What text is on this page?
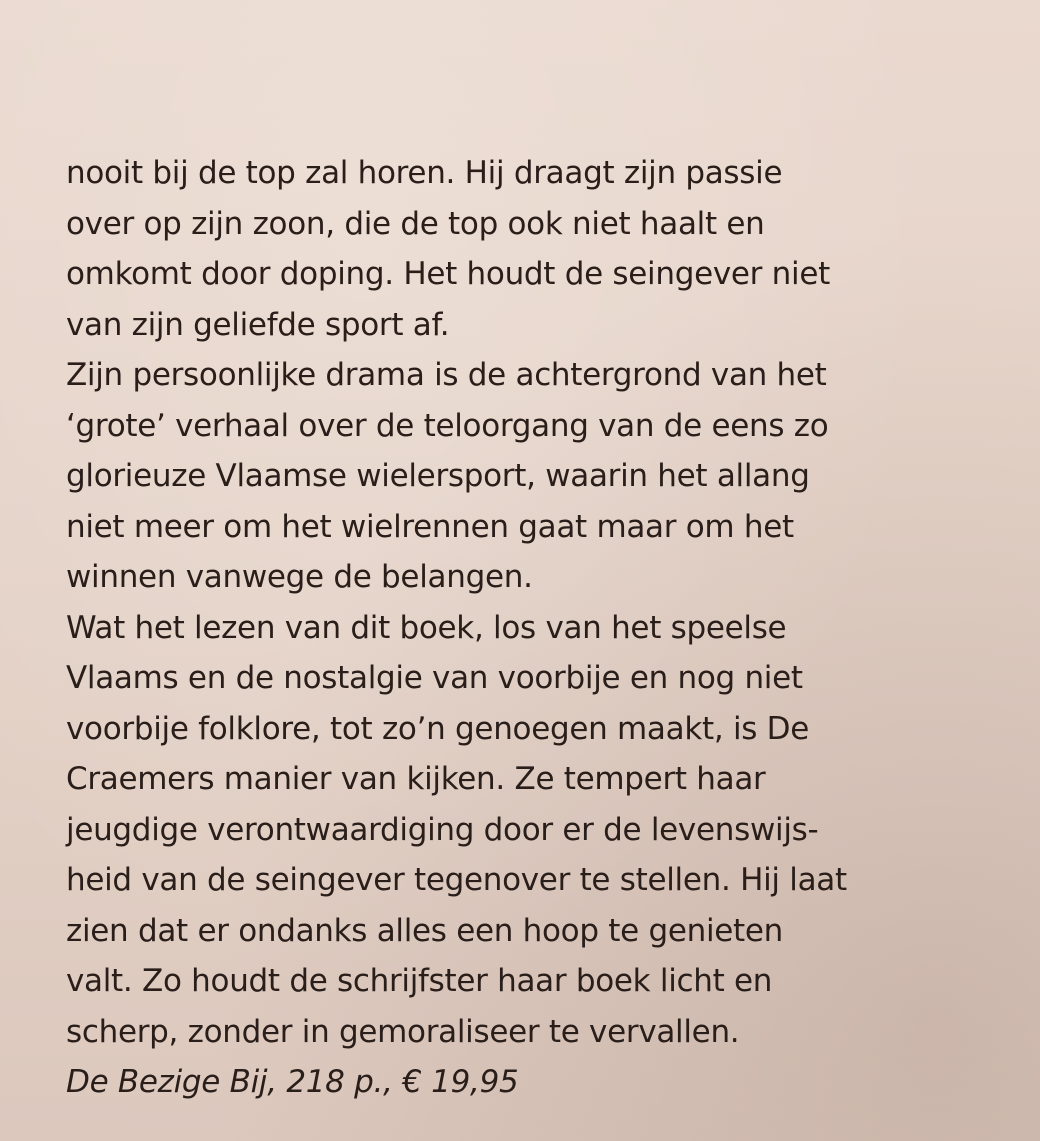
nooit bij de top zal horen. Hij draagt zijn passie
over op zijn zoon, die de top ook niet haalt en
omkomt door doping. Het houdt de seingever niet
van zijn geliefde sport af.
Zijn persoonlijke drama is de achtergrond van het
‘grote’ verhaal over de teloorgang van de eens zo
glorieuze Vlaamse wielersport, waarin het allang
niet meer om het wielrennen gaat maar om het
winnen vanwege de belangen.
Wat het lezen van dit boek, los van het speelse
Vlaams en de nostalgie van voorbije en nog niet
voorbije folklore, tot zo’n genoegen maakt, is De
Craemers manier van kijken. Ze tempert haar
jeugdige verontwaardiging door er de levenswijs-
heid van de seingever tegenover te stellen. Hij laat
zien dat er ondanks alles een hoop te genieten
valt. Zo houdt de schrijfster haar boek licht en
scherp, zonder in gemoraliseer te vervallen.
De Bezige Bij, 218 p., € 19,95
